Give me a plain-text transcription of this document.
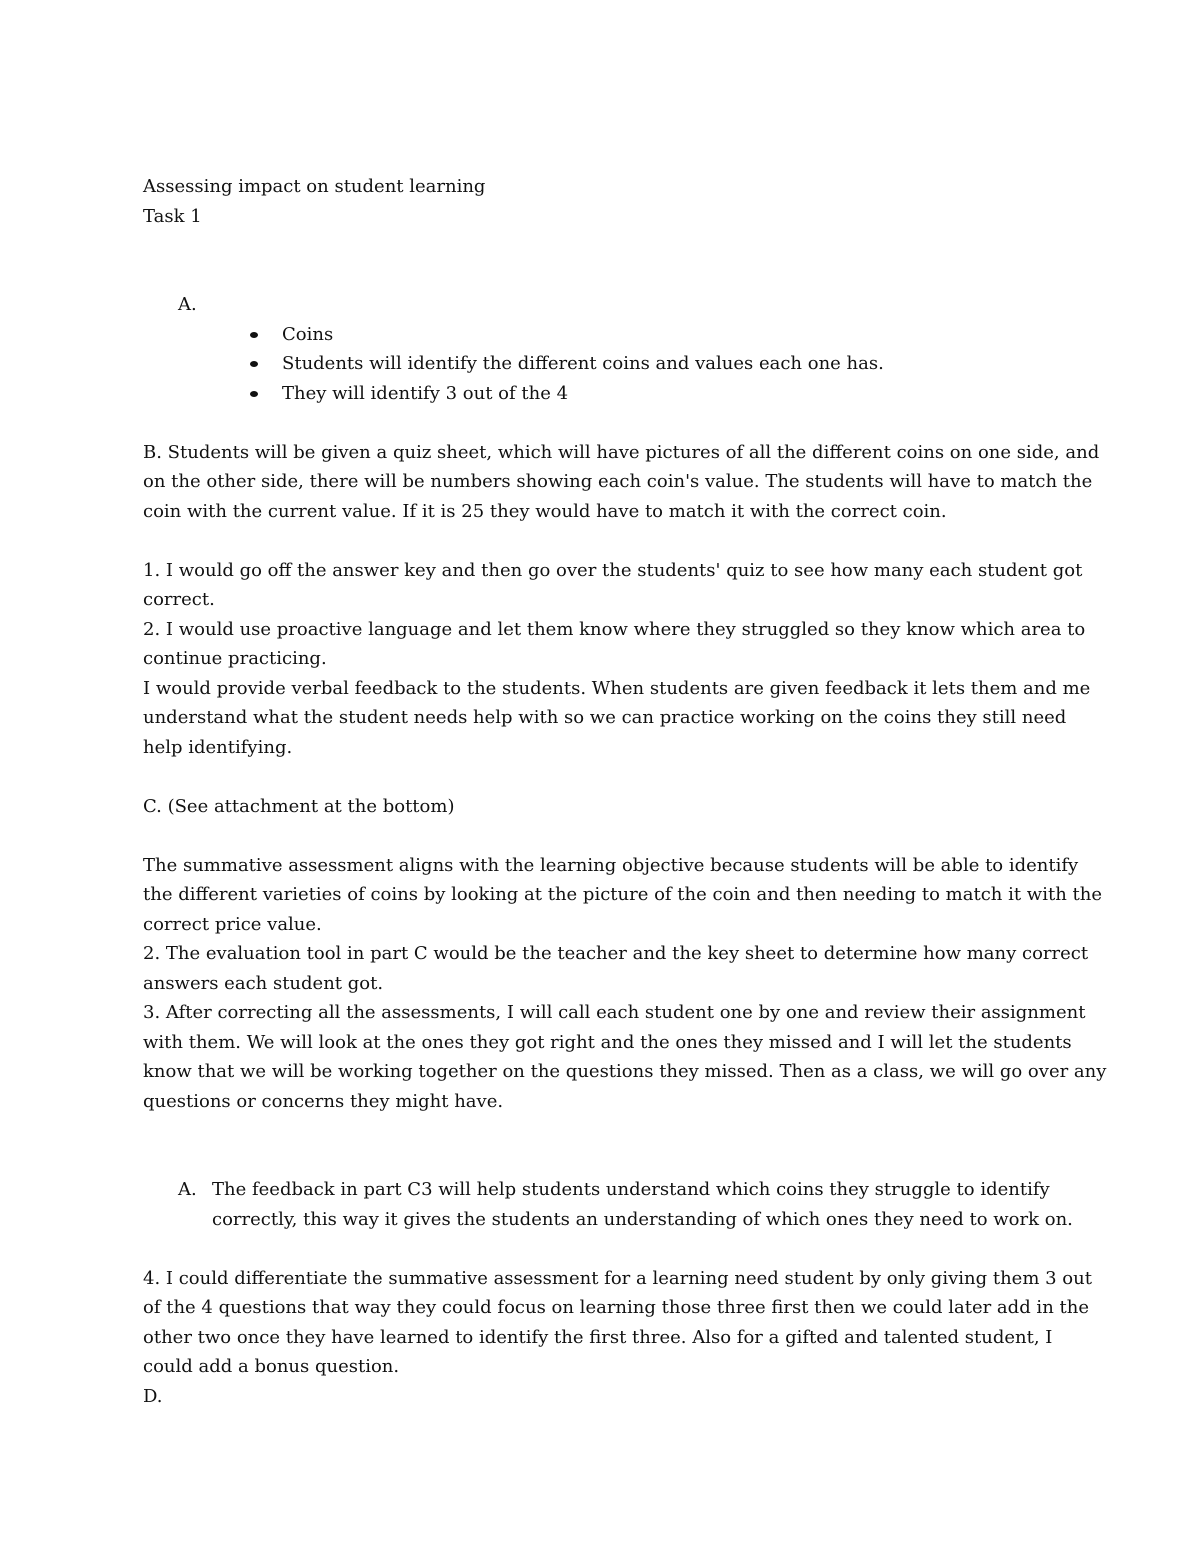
Assessing impact on student learning
Task 1
A.
Coins
Students will identify the different coins and values each one has.
They will identify 3 out of the 4
B. Students will be given a quiz sheet, which will have pictures of all the different coins on one side, and
on the other side, there will be numbers showing each coin's value. The students will have to match the
coin with the current value. If it is 25 they would have to match it with the correct coin.
1. I would go off the answer key and then go over the students' quiz to see how many each student got
correct.
2. I would use proactive language and let them know where they struggled so they know which area to
continue practicing.
I would provide verbal feedback to the students. When students are given feedback it lets them and me
understand what the student needs help with so we can practice working on the coins they still need
help identifying.
C. (See attachment at the bottom)
The summative assessment aligns with the learning objective because students will be able to identify
the different varieties of coins by looking at the picture of the coin and then needing to match it with the
correct price value.
2. The evaluation tool in part C would be the teacher and the key sheet to determine how many correct
answers each student got.
3. After correcting all the assessments, I will call each student one by one and review their assignment
with them. We will look at the ones they got right and the ones they missed and I will let the students
know that we will be working together on the questions they missed. Then as a class, we will go over any
questions or concerns they might have.
A. The feedback in part C3 will help students understand which coins they struggle to identify
correctly, this way it gives the students an understanding of which ones they need to work on.
4. I could differentiate the summative assessment for a learning need student by only giving them 3 out
of the 4 questions that way they could focus on learning those three first then we could later add in the
other two once they have learned to identify the first three. Also for a gifted and talented student, I
could add a bonus question.
D.
